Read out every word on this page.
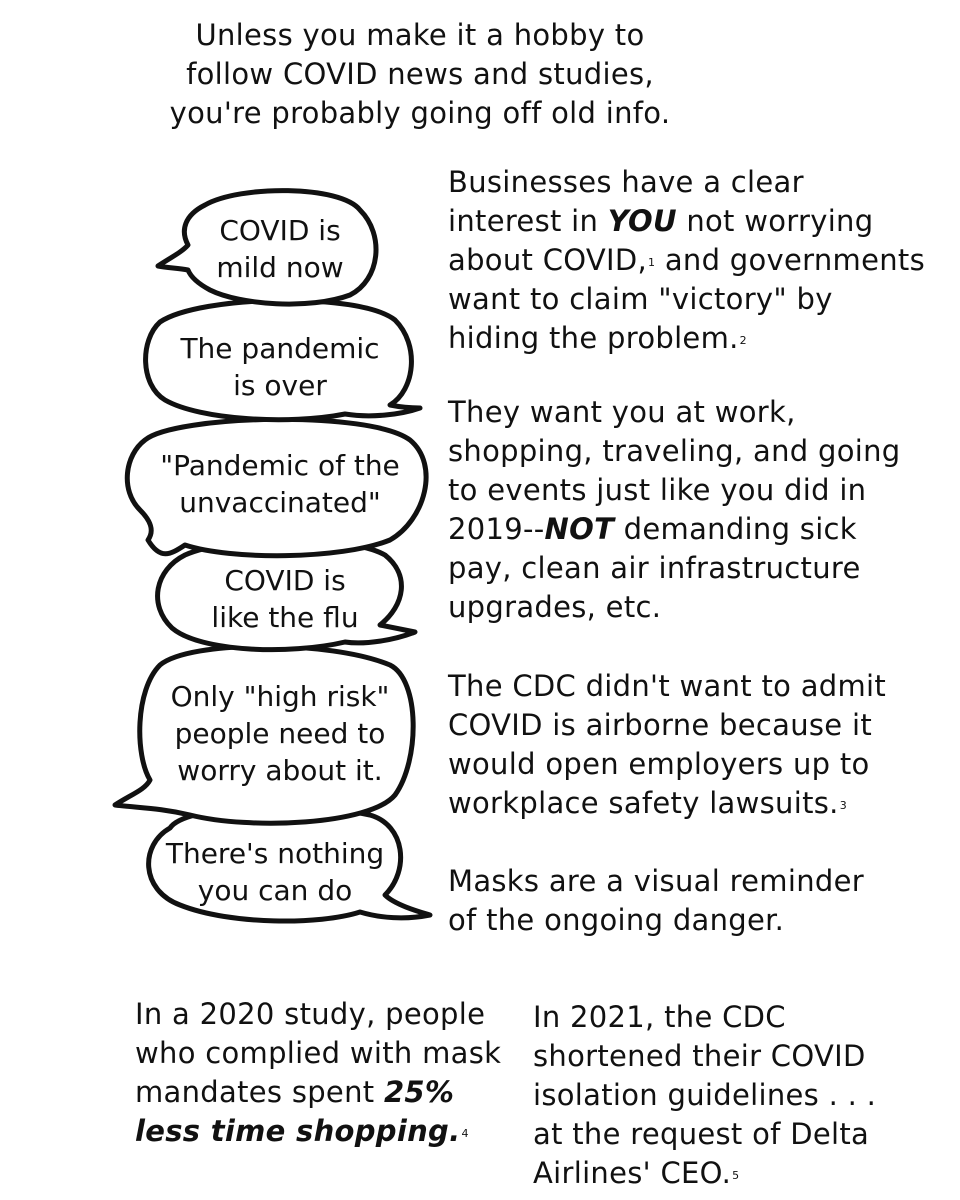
Unless you make it a hobby to
follow COVID news and studies,
you're probably going off old info.
COVID is
mild now
The pandemic
is over
"Pandemic of the
unvaccinated"
COVID is
like the flu
Only "high risk"
people need to
worry about it.
There's nothing
you can do
Businesses have a clear
interest in YOU not worrying
about COVID,$^1$ and governments
want to claim "victory" by
hiding the problem.$^2$
They want you at work,
shopping, traveling, and going
to events just like you did in
2019--NOT demanding sick
pay, clean air infrastructure
upgrades, etc.
The CDC didn't want to admit
COVID is airborne because it
would open employers up to
workplace safety lawsuits.$^3$
Masks are a visual reminder
of the ongoing danger.
In a 2020 study, people
who complied with mask
mandates spent 25%
less time shopping.$^4$
In 2021, the CDC
shortened their COVID
isolation guidelines . . .
at the request of Delta
Airlines' CEO.$^5$
